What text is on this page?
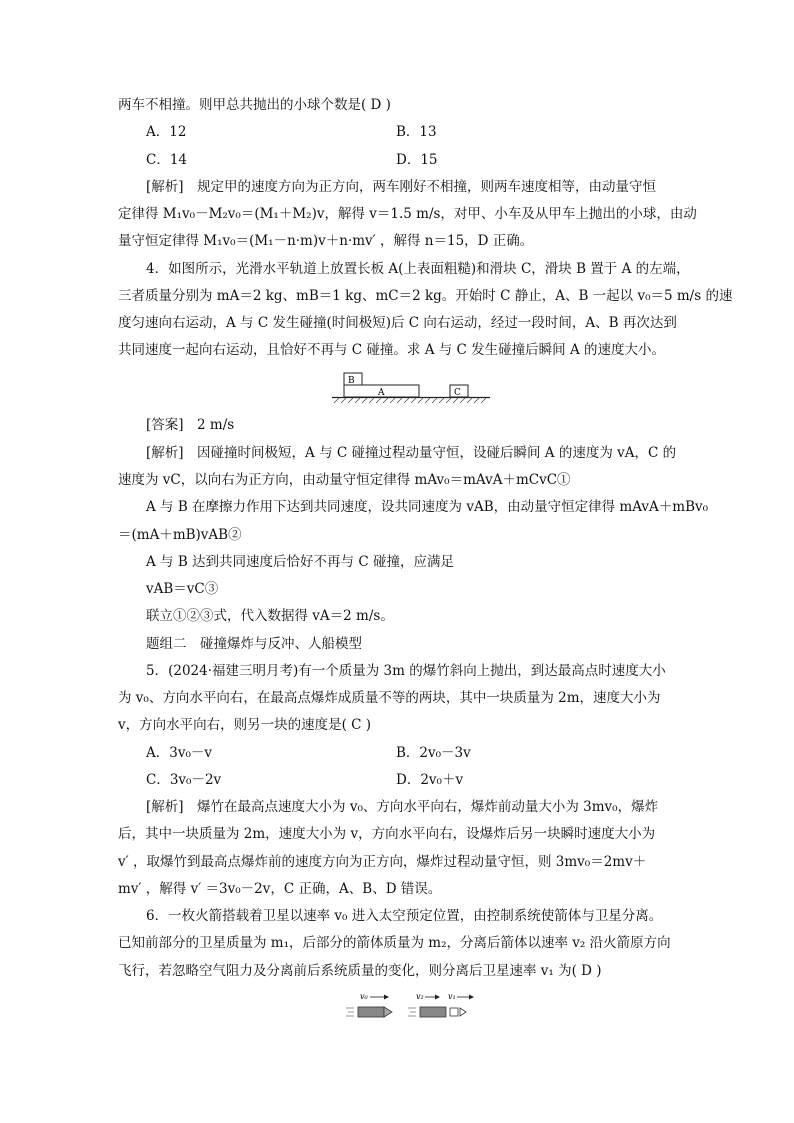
两车不相撞。则甲总共抛出的小球个数是( D )
A．12	B．13
C．14	D．15
[解析]　规定甲的速度方向为正方向，两车刚好不相撞，则两车速度相等，由动量守恒
定律得 M₁v₀－M₂v₀＝(M₁＋M₂)v，解得 v＝1.5 m/s，对甲、小车及从甲车上抛出的小球，由动
量守恒定律得 M₁v₀＝(M₁－n·m)v＋n·mv′ ，解得 n＝15，D 正确。
4．如图所示，光滑水平轨道上放置长板 A(上表面粗糙)和滑块 C，滑块 B 置于 A 的左端，
三者质量分别为 mA＝2 kg、mB＝1 kg、mC＝2 kg。开始时 C 静止，A、B 一起以 v₀＝5 m/s 的速
度匀速向右运动，A 与 C 发生碰撞(时间极短)后 C 向右运动，经过一段时间，A、B 再次达到
共同速度一起向右运动，且恰好不再与 C 碰撞。求 A 与 C 发生碰撞后瞬间 A 的速度大小。
B
A	C
[答案]　2 m/s
[解析]　因碰撞时间极短，A 与 C 碰撞过程动量守恒，设碰后瞬间 A 的速度为 vA，C 的
速度为 vC，以向右为正方向，由动量守恒定律得 mAv₀＝mAvA＋mCvC①
A 与 B 在摩擦力作用下达到共同速度，设共同速度为 vAB，由动量守恒定律得 mAvA＋mBv₀
＝(mA＋mB)vAB②
A 与 B 达到共同速度后恰好不再与 C 碰撞，应满足
vAB＝vC③
联立①②③式，代入数据得 vA＝2 m/s。
题组二　碰撞爆炸与反冲、人船模型
5．(2024·福建三明月考)有一个质量为 3m 的爆竹斜向上抛出，到达最高点时速度大小
为 v₀、方向水平向右，在最高点爆炸成质量不等的两块，其中一块质量为 2m，速度大小为
v，方向水平向右，则另一块的速度是( C )
A．3v₀－v	B．2v₀－3v
C．3v₀－2v	D．2v₀＋v
[解析]　爆竹在最高点速度大小为 v₀、方向水平向右，爆炸前动量大小为 3mv₀，爆炸
后，其中一块质量为 2m，速度大小为 v，方向水平向右，设爆炸后另一块瞬时速度大小为
v′ ，取爆竹到最高点爆炸前的速度方向为正方向，爆炸过程动量守恒，则 3mv₀＝2mv＋
mv′ ，解得 v′ ＝3v₀－2v，C 正确，A、B、D 错误。
6．一枚火箭搭载着卫星以速率 v₀ 进入太空预定位置，由控制系统使箭体与卫星分离。
已知前部分的卫星质量为 m₁，后部分的箭体质量为 m₂，分离后箭体以速率 v₂ 沿火箭原方向
飞行，若忽略空气阻力及分离前后系统质量的变化，则分离后卫星速率 v₁ 为( D )
v₀	v₂	v₁
